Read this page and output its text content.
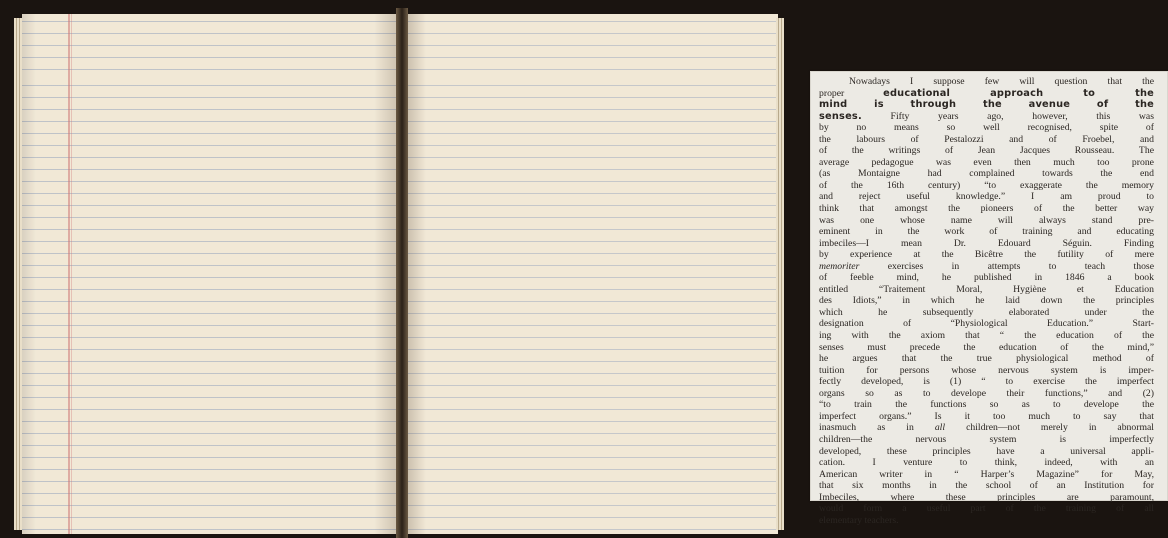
Nowadays I suppose few will question that the
proper educational approach to the
mind is through the avenue of the
senses. Fifty years ago, however, this was
by no means so well recognised, spite of
the labours of Pestalozzi and of Froebel, and
of the writings of Jean Jacques Rousseau. The
average pedagogue was even then much too prone
(as Montaigne had complained towards the end
of the 16th century) “to exaggerate the memory
and reject useful knowledge.” I am proud to
think that amongst the pioneers of the better way
was one whose name will always stand pre-
eminent in the work of training and educating
imbeciles—I mean Dr. Edouard Séguin. Finding
by experience at the Bicêtre the futility of mere
memoriter exercises in attempts to teach those
of feeble mind, he published in 1846 a book
entitled “Traitement Moral, Hygiène et Education
des Idiots,” in which he laid down the principles
which he subsequently elaborated under the
designation of “Physiological Education.” Start-
ing with the axiom that “ the education of the
senses must precede the education of the mind,”
he argues that the true physiological method of
tuition for persons whose nervous system is imper-
fectly developed, is (1) “ to exercise the imperfect
organs so as to develope their functions,” and (2)
“to train the functions so as to develope the
imperfect organs.” Is it too much to say that
inasmuch as in all children—not merely in abnormal
children—the nervous system is imperfectly
developed, these principles have a universal appli-
cation. I venture to think, indeed, with an
American writer in “ Harper’s Magazine” for May,
that six months in the school of an Institution for
Imbeciles, where these principles are paramount,
would form a useful part of the training of all
elementary teachers.
